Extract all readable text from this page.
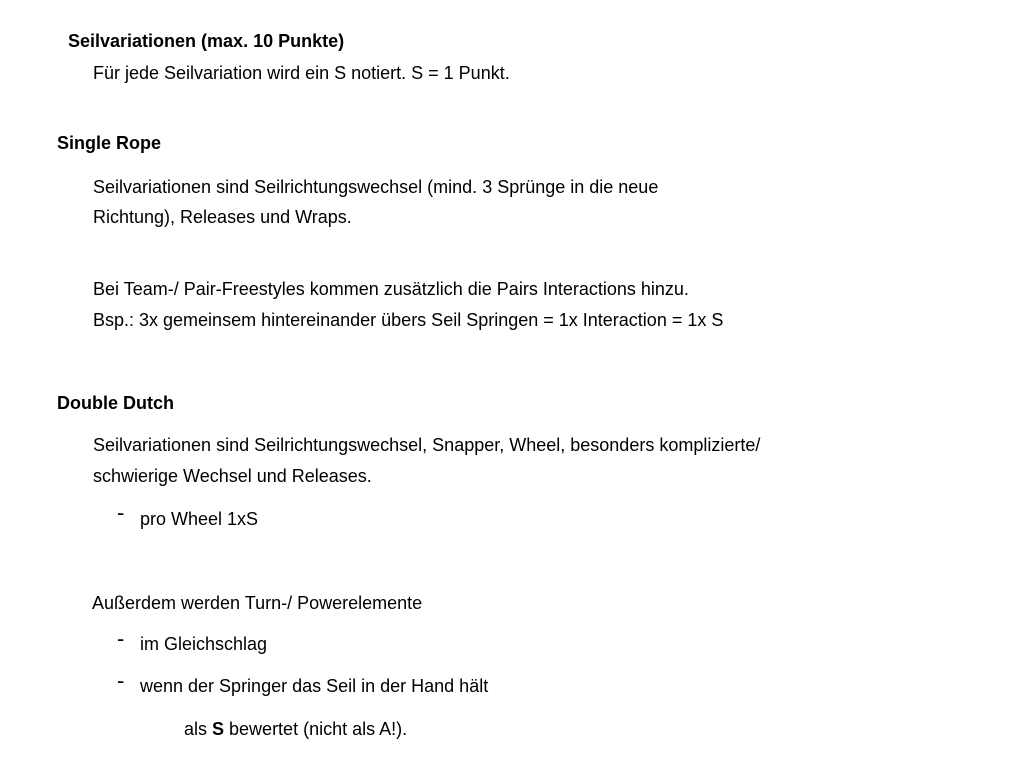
Seilvariationen (max. 10 Punkte)
Für jede Seilvariation wird ein S notiert. S = 1 Punkt.
Single Rope
Seilvariationen sind Seilrichtungswechsel (mind. 3 Sprünge in die neue
Richtung), Releases und Wraps.
Bei Team-/ Pair-Freestyles kommen zusätzlich die Pairs Interactions hinzu.
Bsp.: 3x gemeinsem hintereinander übers Seil Springen = 1x Interaction = 1x S
Double Dutch
Seilvariationen sind Seilrichtungswechsel, Snapper, Wheel, besonders komplizierte/
schwierige Wechsel und Releases.
- pro Wheel 1xS
Außerdem werden Turn-/ Powerelemente
- im Gleichschlag
- wenn der Springer das Seil in der Hand hält
als S bewertet (nicht als A!).
